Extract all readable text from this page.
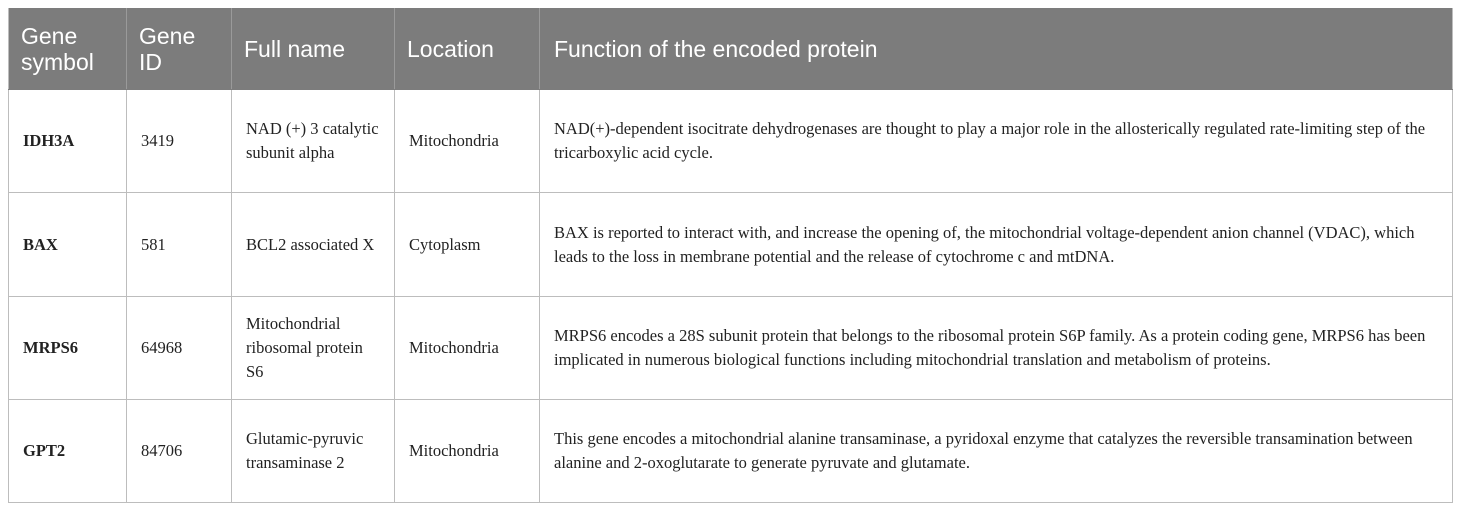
Gene symbol	Gene ID	Full name	Location	Function of the encoded protein
IDH3A	3419	NAD (+) 3 catalytic subunit alpha	Mitochondria	NAD(+)-dependent isocitrate dehydrogenases are thought to play a major role in the allosterically regulated rate-limiting step of the tricarboxylic acid cycle.
BAX	581	BCL2 associated X	Cytoplasm	BAX is reported to interact with, and increase the opening of, the mitochondrial voltage-dependent anion channel (VDAC), which leads to the loss in membrane potential and the release of cytochrome c and mtDNA.
MRPS6	64968	Mitochondrial ribosomal protein S6	Mitochondria	MRPS6 encodes a 28S subunit protein that belongs to the ribosomal protein S6P family. As a protein coding gene, MRPS6 has been implicated in numerous biological functions including mitochondrial translation and metabolism of proteins.
GPT2	84706	Glutamic-pyruvic transaminase 2	Mitochondria	This gene encodes a mitochondrial alanine transaminase, a pyridoxal enzyme that catalyzes the reversible transamination between alanine and 2-oxoglutarate to generate pyruvate and glutamate.
